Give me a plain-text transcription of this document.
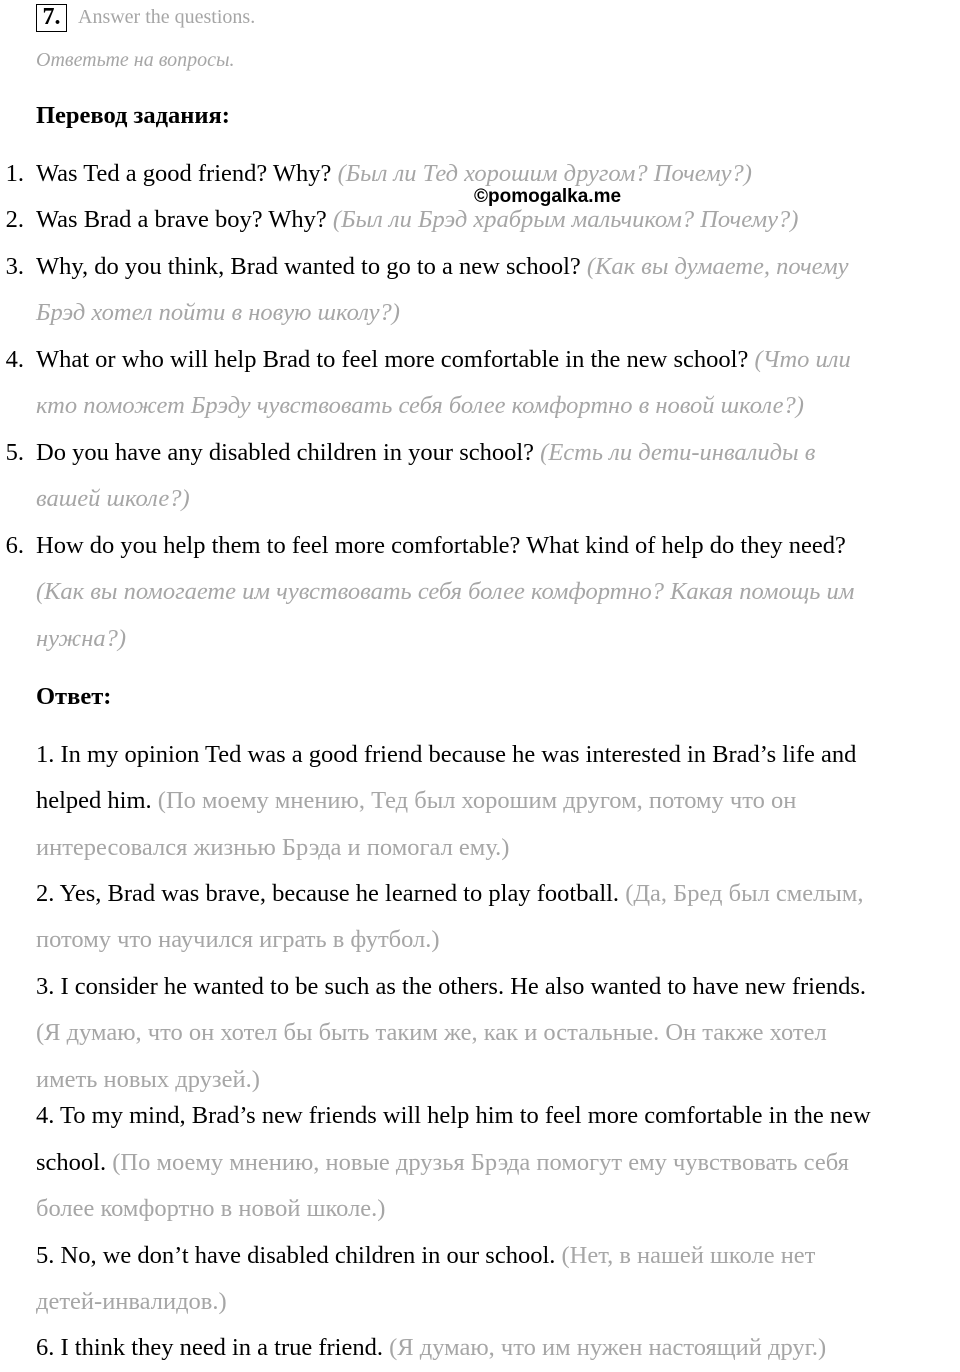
7. Answer the questions.
Ответьте на вопросы.
Перевод задания:
©pomogalka.me
1. Was Ted a good friend? Why? (Был ли Тед хорошим другом? Почему?)
2. Was Brad a brave boy? Why? (Был ли Брэд храбрым мальчиком? Почему?)
3. Why, do you think, Brad wanted to go to a new school? (Как вы думаете, почему
Брэд хотел пойти в новую школу?)
4. What or who will help Brad to feel more comfortable in the new school? (Что или
кто поможет Брэду чувствовать себя более комфортно в новой школе?)
5. Do you have any disabled children in your school? (Есть ли дети-инвалиды в
вашей школе?)
6. How do you help them to feel more comfortable? What kind of help do they need?
(Как вы помогаете им чувствовать себя более комфортно? Какая помощь им
нужна?)
Ответ:
1. In my opinion Ted was a good friend because he was interested in Brad’s life and
helped him. (По моему мнению, Тед был хорошим другом, потому что он
интересовался жизнью Брэда и помогал ему.)
2. Yes, Brad was brave, because he learned to play football. (Да, Бред был смелым,
потому что научился играть в футбол.)
3. I consider he wanted to be such as the others. He also wanted to have new friends.
(Я думаю, что он хотел бы быть таким же, как и остальные. Он также хотел
иметь новых друзей.)
4. To my mind, Brad’s new friends will help him to feel more comfortable in the new
school. (По моему мнению, новые друзья Брэда помогут ему чувствовать себя
более комфортно в новой школе.)
5. No, we don’t have disabled children in our school. (Нет, в нашей школе нет
детей-инвалидов.)
6. I think they need in a true friend. (Я думаю, что им нужен настоящий друг.)
